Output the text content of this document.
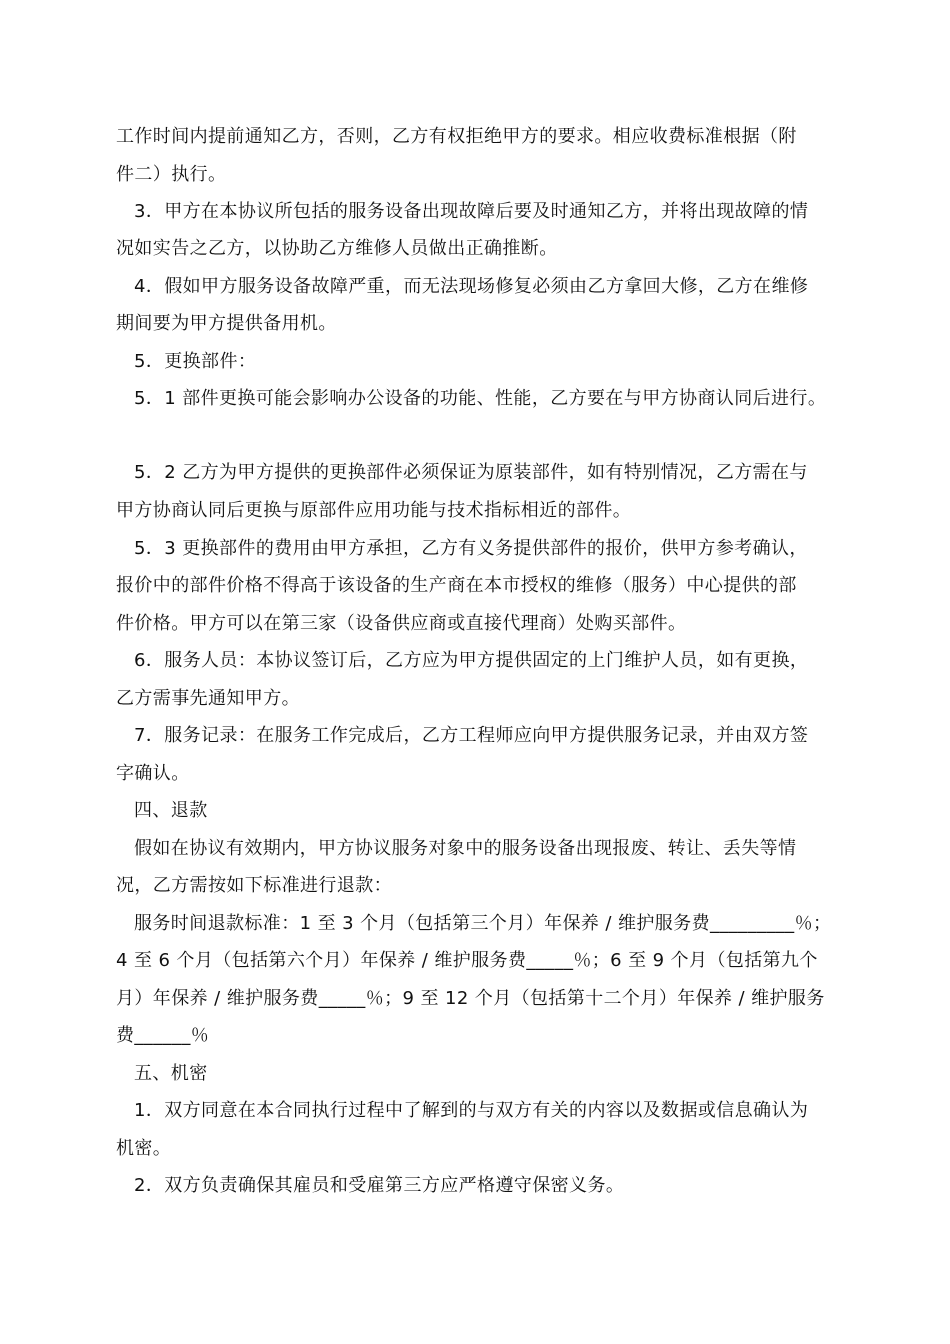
工作时间内提前通知乙方，否则，乙方有权拒绝甲方的要求。相应收费标准根据（附
件二）执行。
3．甲方在本协议所包括的服务设备出现故障后要及时通知乙方，并将出现故障的情
况如实告之乙方，以协助乙方维修人员做出正确推断。
4．假如甲方服务设备故障严重，而无法现场修复必须由乙方拿回大修，乙方在维修
期间要为甲方提供备用机。
5．更换部件：
5．1 部件更换可能会影响办公设备的功能、性能，乙方要在与甲方协商认同后进行。
5．2 乙方为甲方提供的更换部件必须保证为原装部件，如有特别情况，乙方需在与
甲方协商认同后更换与原部件应用功能与技术指标相近的部件。
5．3 更换部件的费用由甲方承担，乙方有义务提供部件的报价，供甲方参考确认，
报价中的部件价格不得高于该设备的生产商在本市授权的维修（服务）中心提供的部
件价格。甲方可以在第三家（设备供应商或直接代理商）处购买部件。
6．服务人员：本协议签订后，乙方应为甲方提供固定的上门维护人员，如有更换，
乙方需事先通知甲方。
7．服务记录：在服务工作完成后，乙方工程师应向甲方提供服务记录，并由双方签
字确认。
四、退款
假如在协议有效期内，甲方协议服务对象中的服务设备出现报废、转让、丢失等情
况，乙方需按如下标准进行退款：
服务时间退款标准：1 至 3 个月（包括第三个月）年保养 / 维护服务费_________％；
4 至 6 个月（包括第六个月）年保养 / 维护服务费_____％；6 至 9 个月（包括第九个
月）年保养 / 维护服务费_____％；9 至 12 个月（包括第十二个月）年保养 / 维护服务
费______％
五、机密
1．双方同意在本合同执行过程中了解到的与双方有关的内容以及数据或信息确认为
机密。
2．双方负责确保其雇员和受雇第三方应严格遵守保密义务。
